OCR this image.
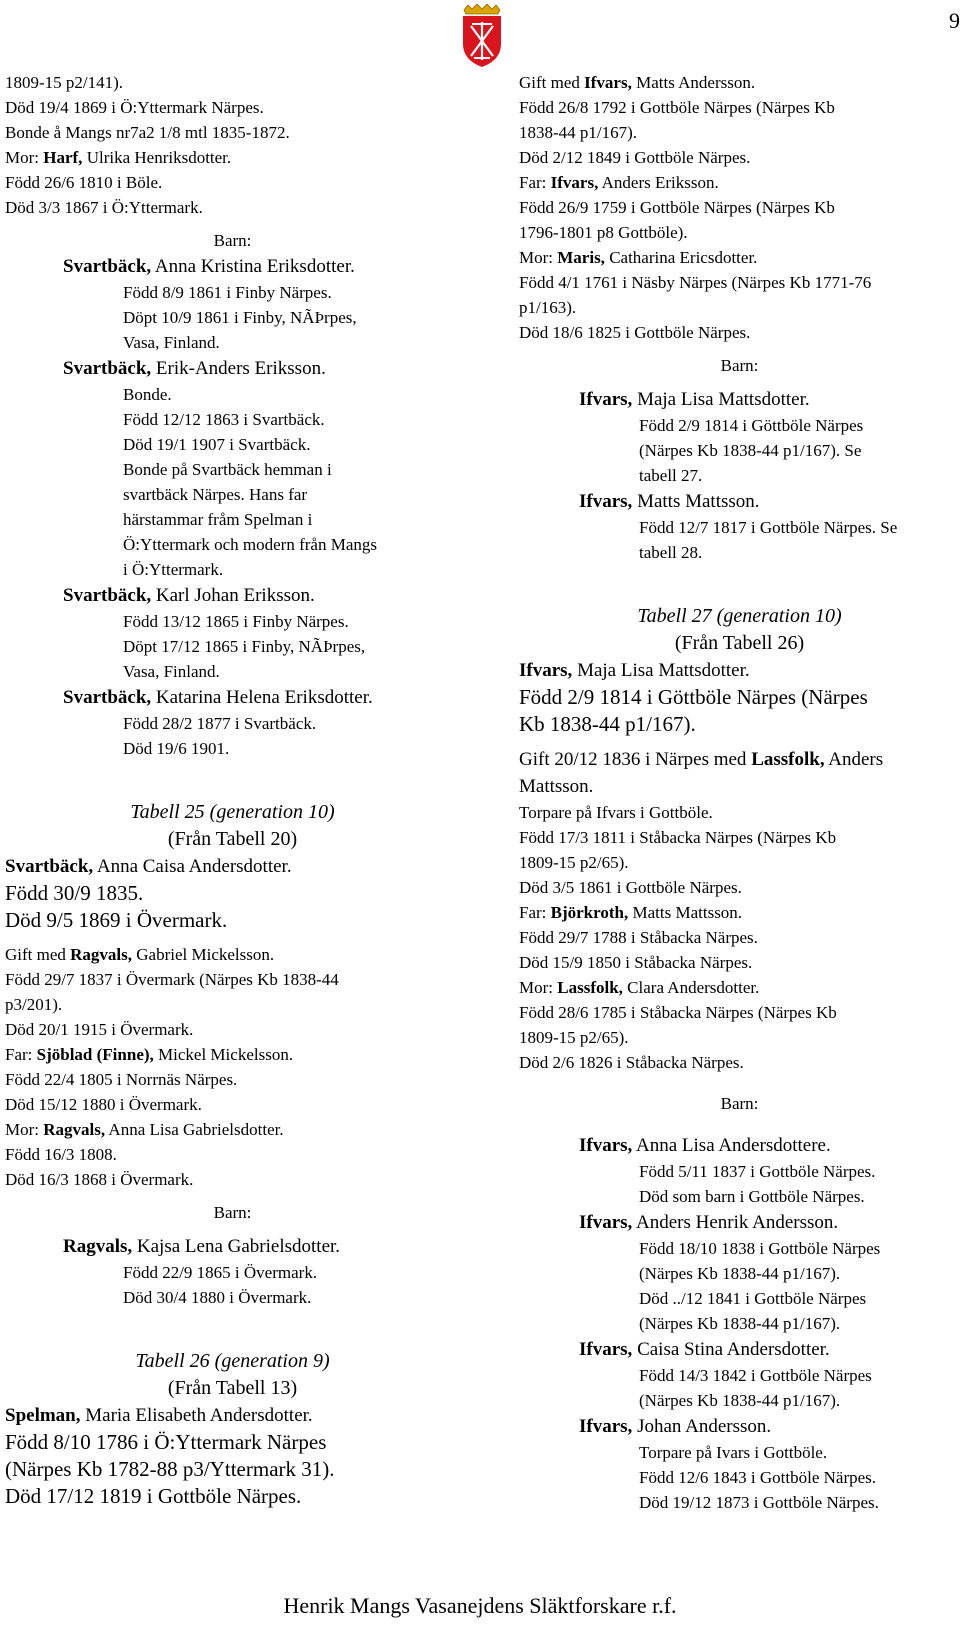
9
1809-15 p2/141).
Död 19/4 1869 i Ö:Yttermark Närpes.
Bonde å Mangs nr7a2 1/8 mtl 1835-1872.
Mor: Harf, Ulrika Henriksdotter.
Född 26/6 1810 i Böle.
Död 3/3 1867 i Ö:Yttermark.
Barn:
Svartbäck, Anna Kristina Eriksdotter.
Född 8/9 1861 i Finby Närpes.
Döpt 10/9 1861 i Finby, NÃÞrpes,
Vasa, Finland.
Svartbäck, Erik-Anders Eriksson.
Bonde.
Född 12/12 1863 i Svartbäck.
Död 19/1 1907 i Svartbäck.
Bonde på Svartbäck hemman i
svartbäck Närpes. Hans far
härstammar fråm Spelman i
Ö:Yttermark och modern från Mangs
i Ö:Yttermark.
Svartbäck, Karl Johan Eriksson.
Född 13/12 1865 i Finby Närpes.
Döpt 17/12 1865 i Finby, NÃÞrpes,
Vasa, Finland.
Svartbäck, Katarina Helena Eriksdotter.
Född 28/2 1877 i Svartbäck.
Död 19/6 1901.
Tabell 25 (generation 10)
(Från Tabell 20)
Svartbäck, Anna Caisa Andersdotter.
Född 30/9 1835.
Död 9/5 1869 i Övermark.
Gift med Ragvals, Gabriel Mickelsson.
Född 29/7 1837 i Övermark (Närpes Kb 1838-44
p3/201).
Död 20/1 1915 i Övermark.
Far: Sjöblad (Finne), Mickel Mickelsson.
Född 22/4 1805 i Norrnäs Närpes.
Död 15/12 1880 i Övermark.
Mor: Ragvals, Anna Lisa Gabrielsdotter.
Född 16/3 1808.
Död 16/3 1868 i Övermark.
Barn:
Ragvals, Kajsa Lena Gabrielsdotter.
Född 22/9 1865 i Övermark.
Död 30/4 1880 i Övermark.
Tabell 26 (generation 9)
(Från Tabell 13)
Spelman, Maria Elisabeth Andersdotter.
Född 8/10 1786 i Ö:Yttermark Närpes
(Närpes Kb 1782-88 p3/Yttermark 31).
Död 17/12 1819 i Gottböle Närpes.
Gift med Ifvars, Matts Andersson.
Född 26/8 1792 i Gottböle Närpes (Närpes Kb
1838-44 p1/167).
Död 2/12 1849 i Gottböle Närpes.
Far: Ifvars, Anders Eriksson.
Född 26/9 1759 i Gottböle Närpes (Närpes Kb
1796-1801 p8 Gottböle).
Mor: Maris, Catharina Ericsdotter.
Född 4/1 1761 i Näsby Närpes (Närpes Kb 1771-76
p1/163).
Död 18/6 1825 i Gottböle Närpes.
Barn:
Ifvars, Maja Lisa Mattsdotter.
Född 2/9 1814 i Göttböle Närpes
(Närpes Kb 1838-44 p1/167). Se
tabell 27.
Ifvars, Matts Mattsson.
Född 12/7 1817 i Gottböle Närpes. Se
tabell 28.
Tabell 27 (generation 10)
(Från Tabell 26)
Ifvars, Maja Lisa Mattsdotter.
Född 2/9 1814 i Göttböle Närpes (Närpes
Kb 1838-44 p1/167).
Gift 20/12 1836 i Närpes med Lassfolk, Anders
Mattsson.
Torpare på Ifvars i Gottböle.
Född 17/3 1811 i Ståbacka Närpes (Närpes Kb
1809-15 p2/65).
Död 3/5 1861 i Gottböle Närpes.
Far: Björkroth, Matts Mattsson.
Född 29/7 1788 i Ståbacka Närpes.
Död 15/9 1850 i Ståbacka Närpes.
Mor: Lassfolk, Clara Andersdotter.
Född 28/6 1785 i Ståbacka Närpes (Närpes Kb
1809-15 p2/65).
Död 2/6 1826 i Ståbacka Närpes.
Barn:
Ifvars, Anna Lisa Andersdottere.
Född 5/11 1837 i Gottböle Närpes.
Död som barn i Gottböle Närpes.
Ifvars, Anders Henrik Andersson.
Född 18/10 1838 i Gottböle Närpes
(Närpes Kb 1838-44 p1/167).
Död ../12 1841 i Gottböle Närpes
(Närpes Kb 1838-44 p1/167).
Ifvars, Caisa Stina Andersdotter.
Född 14/3 1842 i Gottböle Närpes
(Närpes Kb 1838-44 p1/167).
Ifvars, Johan Andersson.
Torpare på Ivars i Gottböle.
Född 12/6 1843 i Gottböle Närpes.
Död 19/12 1873 i Gottböle Närpes.
Henrik Mangs Vasanejdens Släktforskare r.f.
